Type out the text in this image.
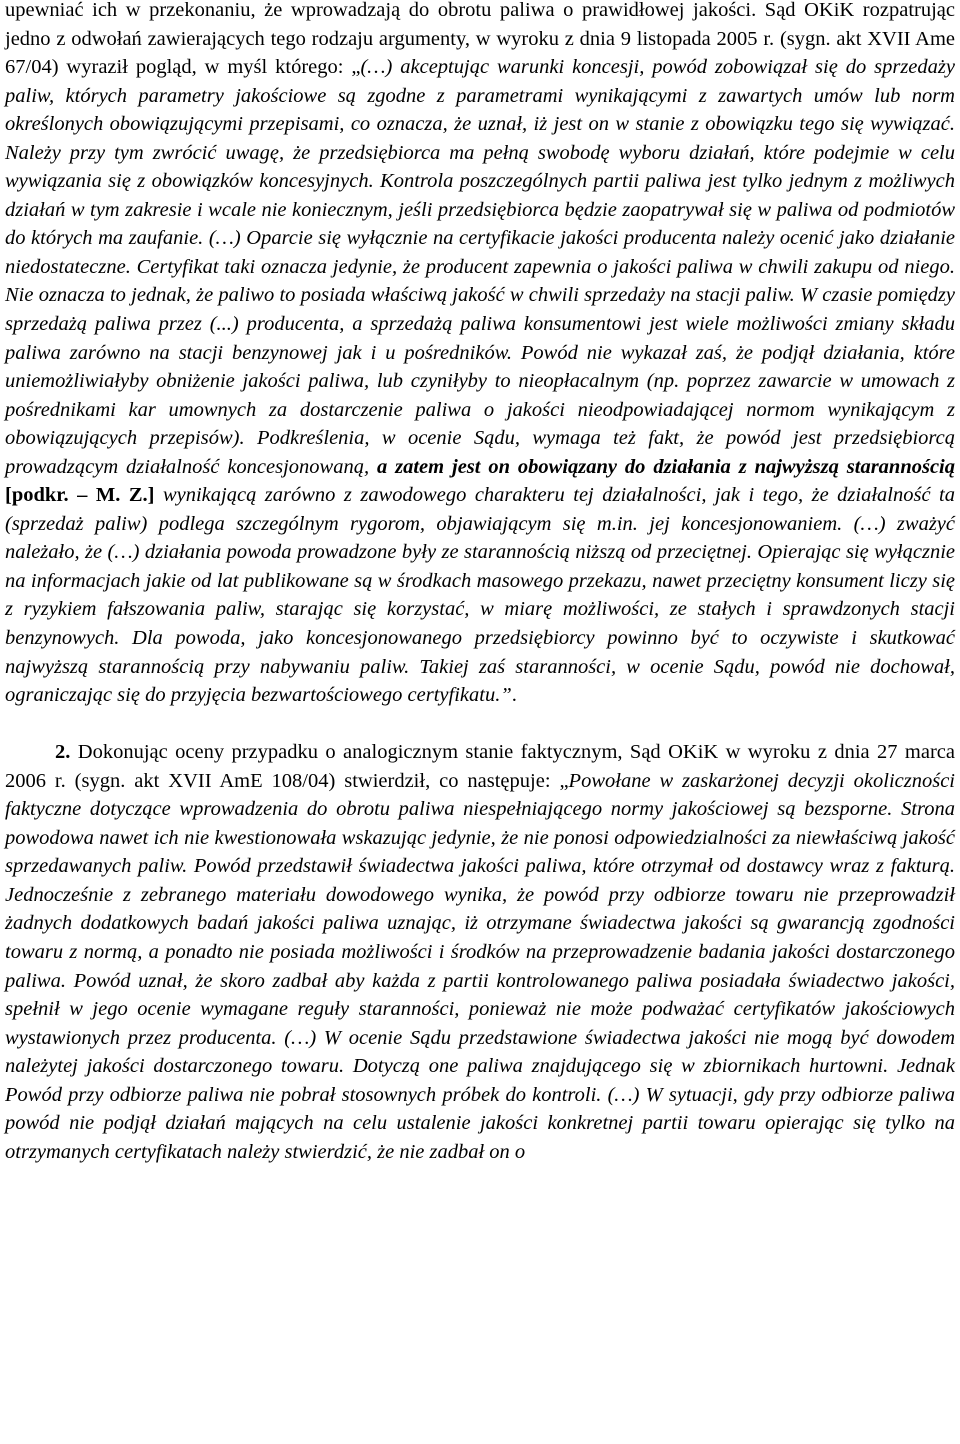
upewniać ich w przekonaniu, że wprowadzają do obrotu paliwa o prawidłowej jakości. Sąd OKiK rozpatrując jedno z odwołań zawierających tego rodzaju argumenty, w wyroku z dnia 9 listopada 2005 r. (sygn. akt XVII Ame 67/04) wyraził pogląd, w myśl którego: „(…) akceptując warunki koncesji, powód zobowiązał się do sprzedaży paliw, których parametry jakościowe są zgodne z parametrami wynikającymi z zawartych umów lub norm określonych obowiązującymi przepisami, co oznacza, że uznał, iż jest on w stanie z obowiązku tego się wywiązać. Należy przy tym zwrócić uwagę, że przedsiębiorca ma pełną swobodę wyboru działań, które podejmie w celu wywiązania się z obowiązków koncesyjnych. Kontrola poszczególnych partii paliwa jest tylko jednym z możliwych działań w tym zakresie i wcale nie koniecznym, jeśli przedsiębiorca będzie zaopatrywał się w paliwa od podmiotów do których ma zaufanie. (…) Oparcie się wyłącznie na certyfikacie jakości producenta należy ocenić jako działanie niedostateczne. Certyfikat taki oznacza jedynie, że producent zapewnia o jakości paliwa w chwili zakupu od niego. Nie oznacza to jednak, że paliwo to posiada właściwą jakość w chwili sprzedaży na stacji paliw. W czasie pomiędzy sprzedażą paliwa przez (...) producenta, a sprzedażą paliwa konsumentowi jest wiele możliwości zmiany składu paliwa zarówno na stacji benzynowej jak i u pośredników. Powód nie wykazał zaś, że podjął działania, które uniemożliwiałyby obniżenie jakości paliwa, lub czyniłyby to nieopłacalnym (np. poprzez zawarcie w umowach z pośrednikami kar umownych za dostarczenie paliwa o jakości nieodpowiadającej normom wynikającym z obowiązujących przepisów). Podkreślenia, w ocenie Sądu, wymaga też fakt, że powód jest przedsiębiorcą prowadzącym działalność koncesjonowaną, a zatem jest on obowiązany do działania z najwyższą starannością [podkr. – M. Z.] wynikającą zarówno z zawodowego charakteru tej działalności, jak i tego, że działalność ta (sprzedaż paliw) podlega szczególnym rygorom, objawiającym się m.in. jej koncesjonowaniem. (…) zważyć należało, że (…) działania powoda prowadzone były ze starannością niższą od przeciętnej. Opierając się wyłącznie na informacjach jakie od lat publikowane są w środkach masowego przekazu, nawet przeciętny konsument liczy się z ryzykiem fałszowania paliw, starając się korzystać, w miarę możliwości, ze stałych i sprawdzonych stacji benzynowych. Dla powoda, jako koncesjonowanego przedsiębiorcy powinno być to oczywiste i skutkować najwyższą starannością przy nabywaniu paliw. Takiej zaś staranności, w ocenie Sądu, powód nie dochował, ograniczając się do przyjęcia bezwartościowego certyfikatu.”.

2. Dokonując oceny przypadku o analogicznym stanie faktycznym, Sąd OKiK w wyroku z dnia 27 marca 2006 r. (sygn. akt XVII AmE 108/04) stwierdził, co następuje: „Powołane w zaskarżonej decyzji okoliczności faktyczne dotyczące wprowadzenia do obrotu paliwa niespełniającego normy jakościowej są bezsporne. Strona powodowa nawet ich nie kwestionowała wskazując jedynie, że nie ponosi odpowiedzialności za niewłaściwą jakość sprzedawanych paliw. Powód przedstawił świadectwa jakości paliwa, które otrzymał od dostawcy wraz z fakturą. Jednocześnie z zebranego materiału dowodowego wynika, że powód przy odbiorze towaru nie przeprowadził żadnych dodatkowych badań jakości paliwa uznając, iż otrzymane świadectwa jakości są gwarancją zgodności towaru z normą, a ponadto nie posiada możliwości i środków na przeprowadzenie badania jakości dostarczonego paliwa. Powód uznał, że skoro zadbał aby każda z partii kontrolowanego paliwa posiadała świadectwo jakości, spełnił w jego ocenie wymagane reguły staranności, ponieważ nie może podważać certyfikatów jakościowych wystawionych przez producenta. (…) W ocenie Sądu przedstawione świadectwa jakości nie mogą być dowodem należytej jakości dostarczonego towaru. Dotyczą one paliwa znajdującego się w zbiornikach hurtowni. Jednak Powód przy odbiorze paliwa nie pobrał stosownych próbek do kontroli. (…) W sytuacji, gdy przy odbiorze paliwa powód nie podjął działań mających na celu ustalenie jakości konkretnej partii towaru opierając się tylko na otrzymanych certyfikatach należy stwierdzić, że nie zadbał on o
